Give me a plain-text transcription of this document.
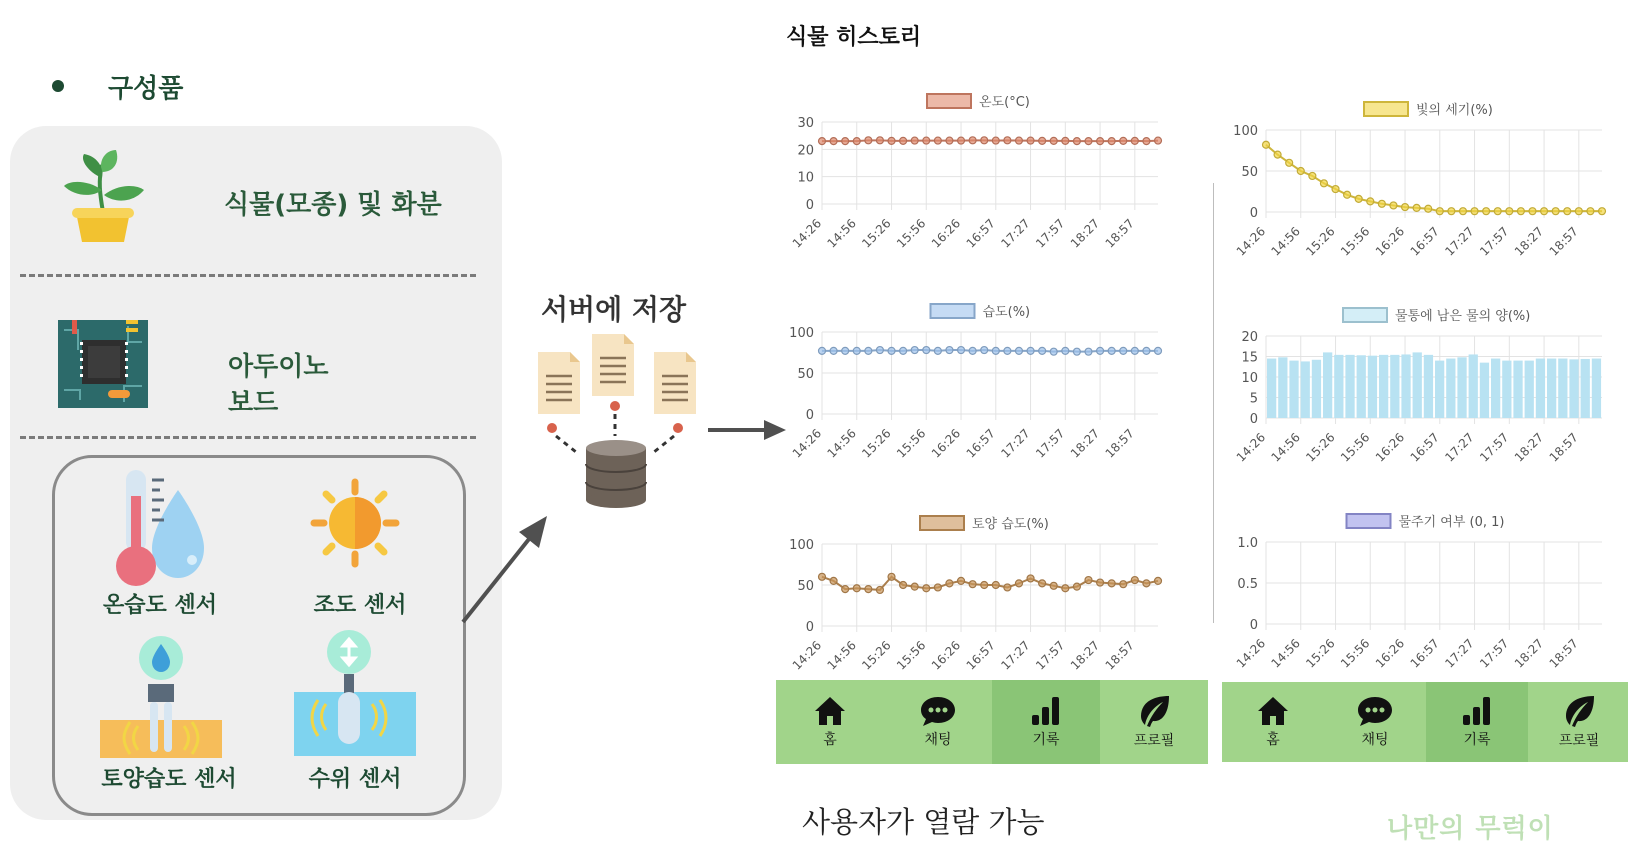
구성품
식물(모종) 및 화분
아두이노
보드
온습도 센서	조도 센서
토양습도 센서	수위 센서
서버에 저장
식물 히스토리
온도(°C)
30
20
10
0
14:26 14:56 15:26 15:56 16:26 16:57 17:27 17:57 18:27 18:57
빛의 세기(%)
100
50
0
14:26 14:56 15:26 15:56 16:26 16:57 17:27 17:57 18:27 18:57
습도(%)
100
50
0
14:26 14:56 15:26 15:56 16:26 16:57 17:27 17:57 18:27 18:57
물통에 남은 물의 양(%)
20
15
10
5
0
14:26 14:56 15:26 15:56 16:26 16:57 17:27 17:57 18:27 18:57
토양 습도(%)
100
50
0
14:26 14:56 15:26 15:56 16:26 16:57 17:27 17:57 18:27 18:57
물주기 여부 (0, 1)
1.0
0.5
0
14:26 14:56 15:26 15:56 16:26 16:57 17:27 17:57 18:27 18:57
홈	채팅	기록	프로필	홈	채팅	기록	프로필
사용자가 열람 가능	나만의 무럭이
